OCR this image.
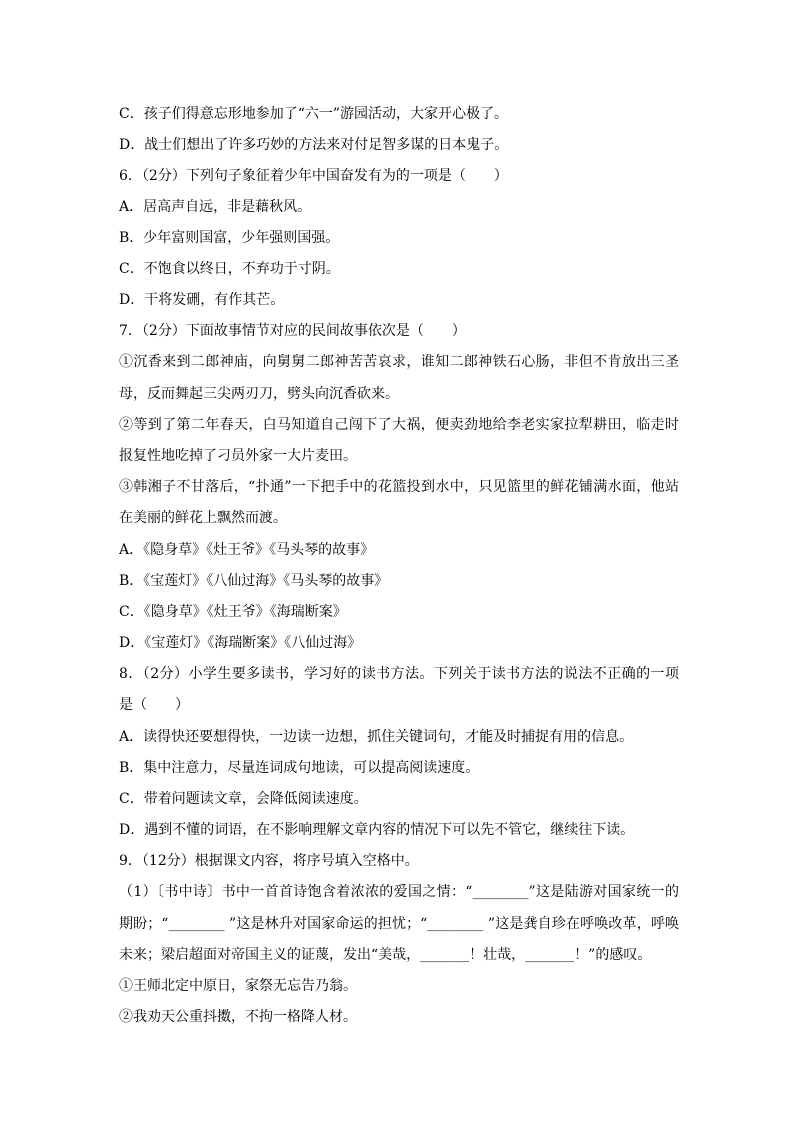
C．孩子们得意忘形地参加了“六一”游园活动，大家开心极了。
D．战士们想出了许多巧妙的方法来对付足智多谋的日本鬼子。
6．（2分）下列句子象征着少年中国奋发有为的一项是（　　）
A．居高声自远，非是藉秋风。
B．少年富则国富，少年强则国强。
C．不饱食以终日，不弃功于寸阴。
D．干将发硎，有作其芒。
7．（2分）下面故事情节对应的民间故事依次是（　　）
①沉香来到二郎神庙，向舅舅二郎神苦苦哀求，谁知二郎神铁石心肠，非但不肯放出三圣
母，反而舞起三尖两刃刀，劈头向沉香砍来。
②等到了第二年春天，白马知道自己闯下了大祸，便卖劲地给李老实家拉犁耕田，临走时
报复性地吃掉了刁员外家一大片麦田。
③韩湘子不甘落后，“扑通”一下把手中的花篮投到水中，只见篮里的鲜花铺满水面，他站
在美丽的鲜花上飘然而渡。
A．《隐身草》《灶王爷》《马头琴的故事》
B．《宝莲灯》《八仙过海》《马头琴的故事》
C．《隐身草》《灶王爷》《海瑞断案》
D．《宝莲灯》《海瑞断案》《八仙过海》
8．（2分）小学生要多读书，学习好的读书方法。下列关于读书方法的说法不正确的一项
是（　　）
A．读得快还要想得快，一边读一边想，抓住关键词句，才能及时捕捉有用的信息。
B．集中注意力，尽量连词成句地读，可以提高阅读速度。
C．带着问题读文章，会降低阅读速度。
D．遇到不懂的词语，在不影响理解文章内容的情况下可以先不管它，继续往下读。
9．（12分）根据课文内容，将序号填入空格中。
（1）〔书中诗〕书中一首首诗饱含着浓浓的爱国之情：“________”这是陆游对国家统一的
期盼；“________ ”这是林升对国家命运的担忧；“________ ”这是龚自珍在呼唤改革，呼唤
未来；梁启超面对帝国主义的证蔑，发出“美哉，_______！壮哉，_______！”的感叹。
①王师北定中原日，家祭无忘告乃翁。
②我劝天公重抖擞，不拘一格降人材。
